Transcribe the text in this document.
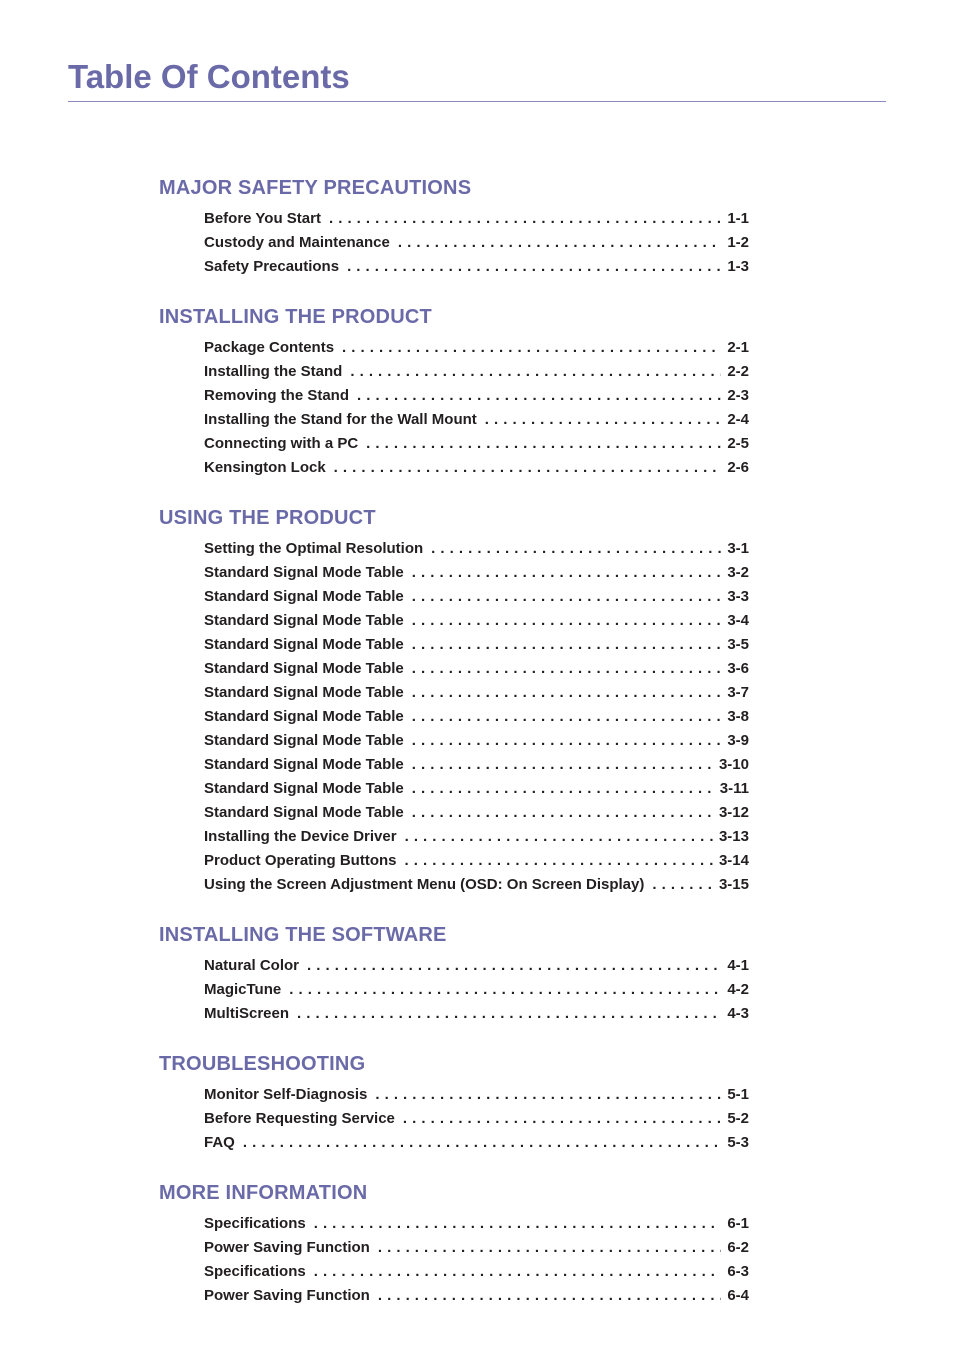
Table Of Contents
MAJOR SAFETY PRECAUTIONS
Before You Start . . .	1-1
Custody and Maintenance . . .	1-2
Safety Precautions . . .	1-3
INSTALLING THE PRODUCT
Package Contents . . .	2-1
Installing the Stand . . .	2-2
Removing the Stand . . .	2-3
Installing the Stand for the Wall Mount . . .	2-4
Connecting with a PC . . .	2-5
Kensington Lock . . .	2-6
USING THE PRODUCT
Setting the Optimal Resolution . . .	3-1
Standard Signal Mode Table . . .	3-2
Standard Signal Mode Table . . .	3-3
Standard Signal Mode Table . . .	3-4
Standard Signal Mode Table . . .	3-5
Standard Signal Mode Table . . .	3-6
Standard Signal Mode Table . . .	3-7
Standard Signal Mode Table . . .	3-8
Standard Signal Mode Table . . .	3-9
Standard Signal Mode Table . . .	3-10
Standard Signal Mode Table . . .	3-11
Standard Signal Mode Table . . .	3-12
Installing the Device Driver . . .	3-13
Product Operating Buttons . . .	3-14
Using the Screen Adjustment Menu (OSD: On Screen Display) . . .	3-15
INSTALLING THE SOFTWARE
Natural Color . . .	4-1
MagicTune . . .	4-2
MultiScreen . . .	4-3
TROUBLESHOOTING
Monitor Self-Diagnosis . . .	5-1
Before Requesting Service . . .	5-2
FAQ . . .	5-3
MORE INFORMATION
Specifications . . .	6-1
Power Saving Function . . .	6-2
Specifications . . .	6-3
Power Saving Function . . .	6-4
